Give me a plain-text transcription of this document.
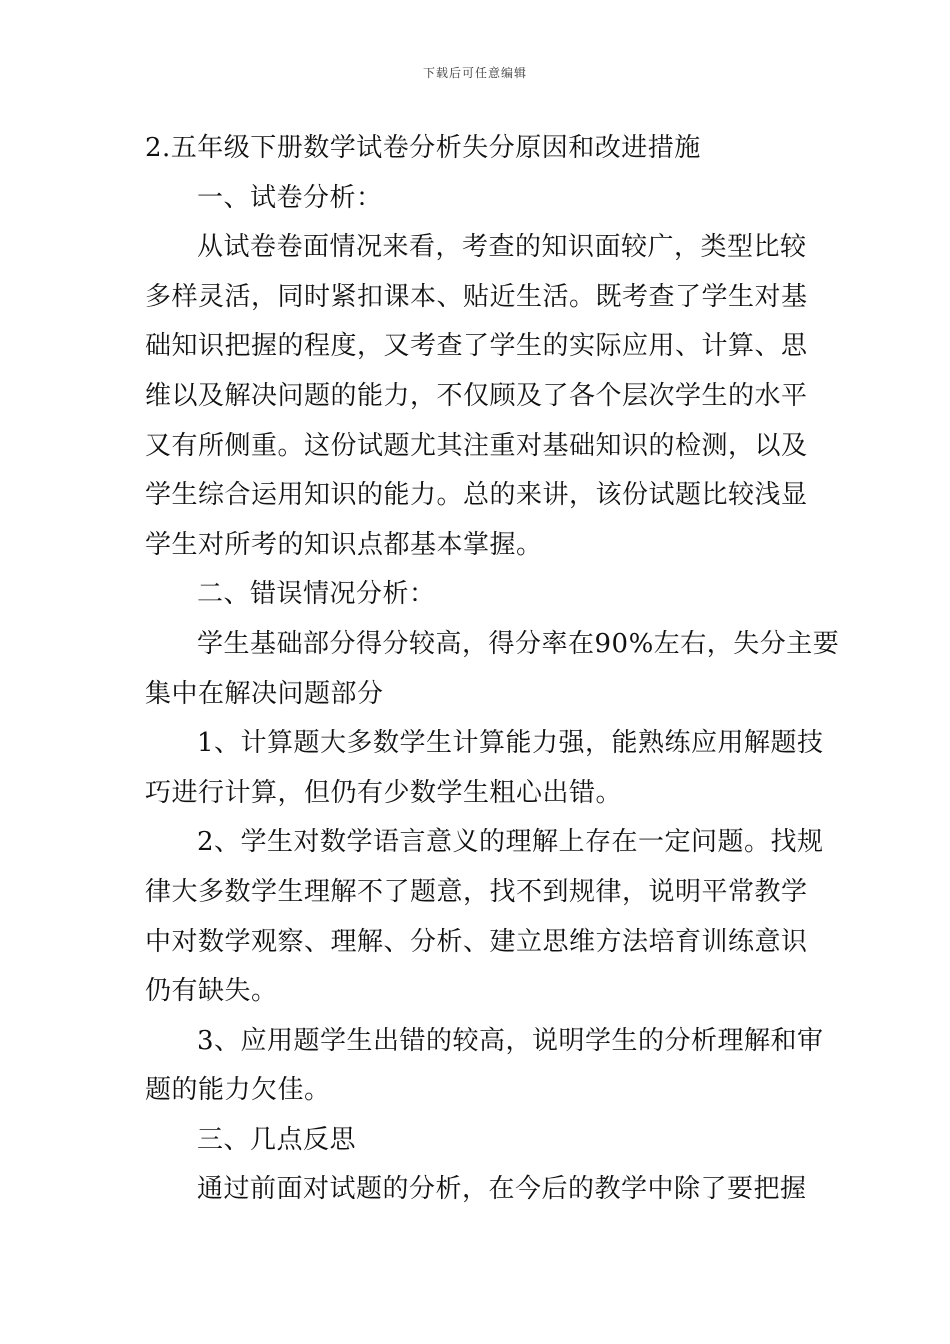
下载后可任意编辑
2.五年级下册数学试卷分析失分原因和改进措施
一、试卷分析：
从试卷卷面情况来看，考查的知识面较广，类型比较
多样灵活，同时紧扣课本、贴近生活。既考查了学生对基
础知识把握的程度，又考查了学生的实际应用、计算、思
维以及解决问题的能力，不仅顾及了各个层次学生的水平
又有所侧重。这份试题尤其注重对基础知识的检测，以及
学生综合运用知识的能力。总的来讲，该份试题比较浅显
学生对所考的知识点都基本掌握。
二、错误情况分析：
学生基础部分得分较高，得分率在90%左右，失分主要
集中在解决问题部分
1、计算题大多数学生计算能力强，能熟练应用解题技
巧进行计算，但仍有少数学生粗心出错。
2、学生对数学语言意义的理解上存在一定问题。找规
律大多数学生理解不了题意，找不到规律，说明平常教学
中对数学观察、理解、分析、建立思维方法培育训练意识
仍有缺失。
3、应用题学生出错的较高，说明学生的分析理解和审
题的能力欠佳。
三、几点反思
通过前面对试题的分析，在今后的教学中除了要把握
